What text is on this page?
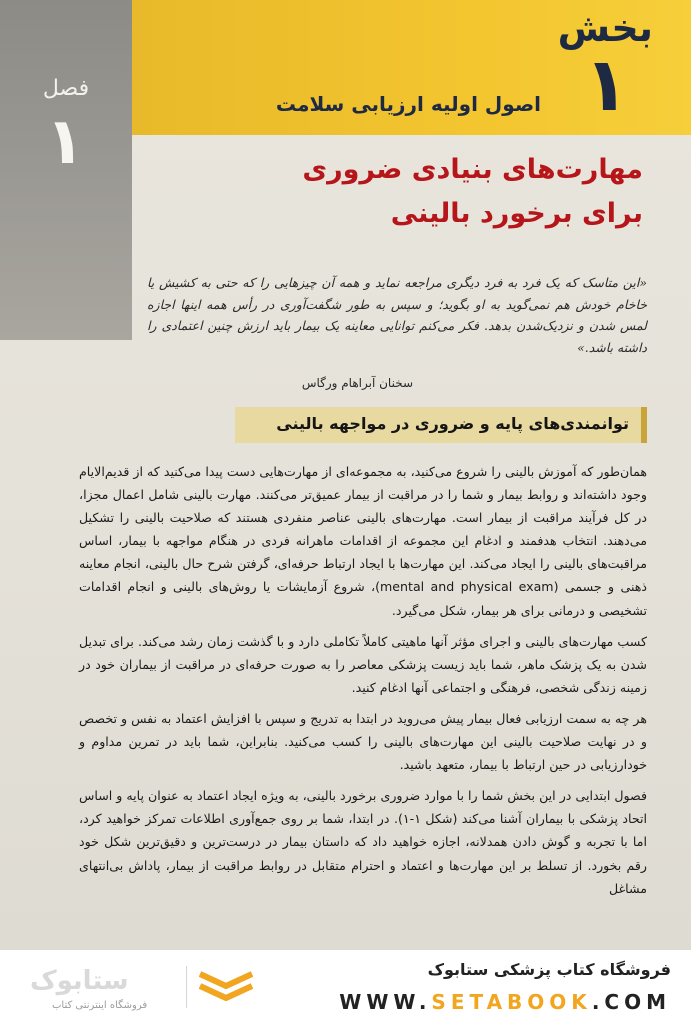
فصل
۱
بخش
۱
اصول اولیه ارزیابی سلامت
مهارت‌های بنیادی ضروری
برای برخورد بالینی
«این متاسک که یک فرد به فرد دیگری مراجعه نماید و همه آن چیزهایی را که حتی به کشیش یا خاخام خودش هم نمی‌گوید به او بگوید؛ و سپس به طور شگفت‌آوری در رأس همه اینها اجازه لمس شدن و نزدیک‌شدن بدهد. فکر می‌کنم توانایی معاینه یک بیمار باید ارزش چنین اعتمادی را داشته باشد.»
سخنان آبراهام ورگاس
توانمندی‌های پایه و ضروری در مواجهه بالینی

همان‌طور که آموزش بالینی را شروع می‌کنید، به مجموعه‌ای از مهارت‌هایی دست پیدا می‌کنید که از قدیم‌الایام وجود داشته‌اند و روابط بیمار و شما را در مراقبت از بیمار عمیق‌تر می‌کنند. مهارت بالینی شامل اعمال مجزا، در کل فرآیند مراقبت از بیمار است. مهارت‌های بالینی عناصر منفردی هستند که صلاحیت بالینی را تشکیل می‌دهند. انتخاب هدفمند و ادغام این مجموعه از اقدامات ماهرانه فردی در هنگام مواجهه با بیمار، اساس مراقبت‌های بالینی را ایجاد می‌کند. این مهارت‌ها با ایجاد ارتباط حرفه‌ای، گرفتن شرح حال بالینی، انجام معاینه ذهنی و جسمی (mental and physical exam)، شروع آزمایشات یا روش‌های بالینی و انجام اقدامات تشخیصی و درمانی برای هر بیمار، شکل می‌گیرد.

کسب مهارت‌های بالینی و اجرای مؤثر آنها ماهیتی کاملاً تکاملی دارد و با گذشت زمان رشد می‌کند. برای تبدیل شدن به یک پزشک ماهر، شما باید زیست پزشکی معاصر را به صورت حرفه‌ای در مراقبت از بیماران خود در زمینه زندگی شخصی، فرهنگی و اجتماعی آنها ادغام کنید.

هر چه به سمت ارزیابی فعال بیمار پیش می‌روید در ابتدا به تدریج و سپس با افزایش اعتماد به نفس و تخصص و در نهایت صلاحیت بالینی این مهارت‌های بالینی را کسب می‌کنید. بنابراین، شما باید در تمرین مداوم و خودارزیابی در حین ارتباط با بیمار، متعهد باشید.

فصول ابتدایی در این بخش شما را با موارد ضروری برخورد بالینی، به ویژه ایجاد اعتماد به عنوان پایه و اساس اتحاد پزشکی با بیماران آشنا می‌کند (شکل ۱-۱). در ابتدا، شما بر روی جمع‌آوری اطلاعات تمرکز خواهید کرد، اما با تجربه و گوش دادن همدلانه، اجازه خواهید داد که داستان بیمار در درست‌ترین و دقیق‌ترین شکل خود رقم بخورد. از تسلط بر این مهارت‌ها و اعتماد و احترام متقابل در روابط مراقبت از بیمار، پاداش بی‌انتهای مشاغل

ستابوک
فروشگاه اینترنتی کتاب
فروشگاه کتاب پزشکی ستابوک
WWW.SETABOOK.COM
